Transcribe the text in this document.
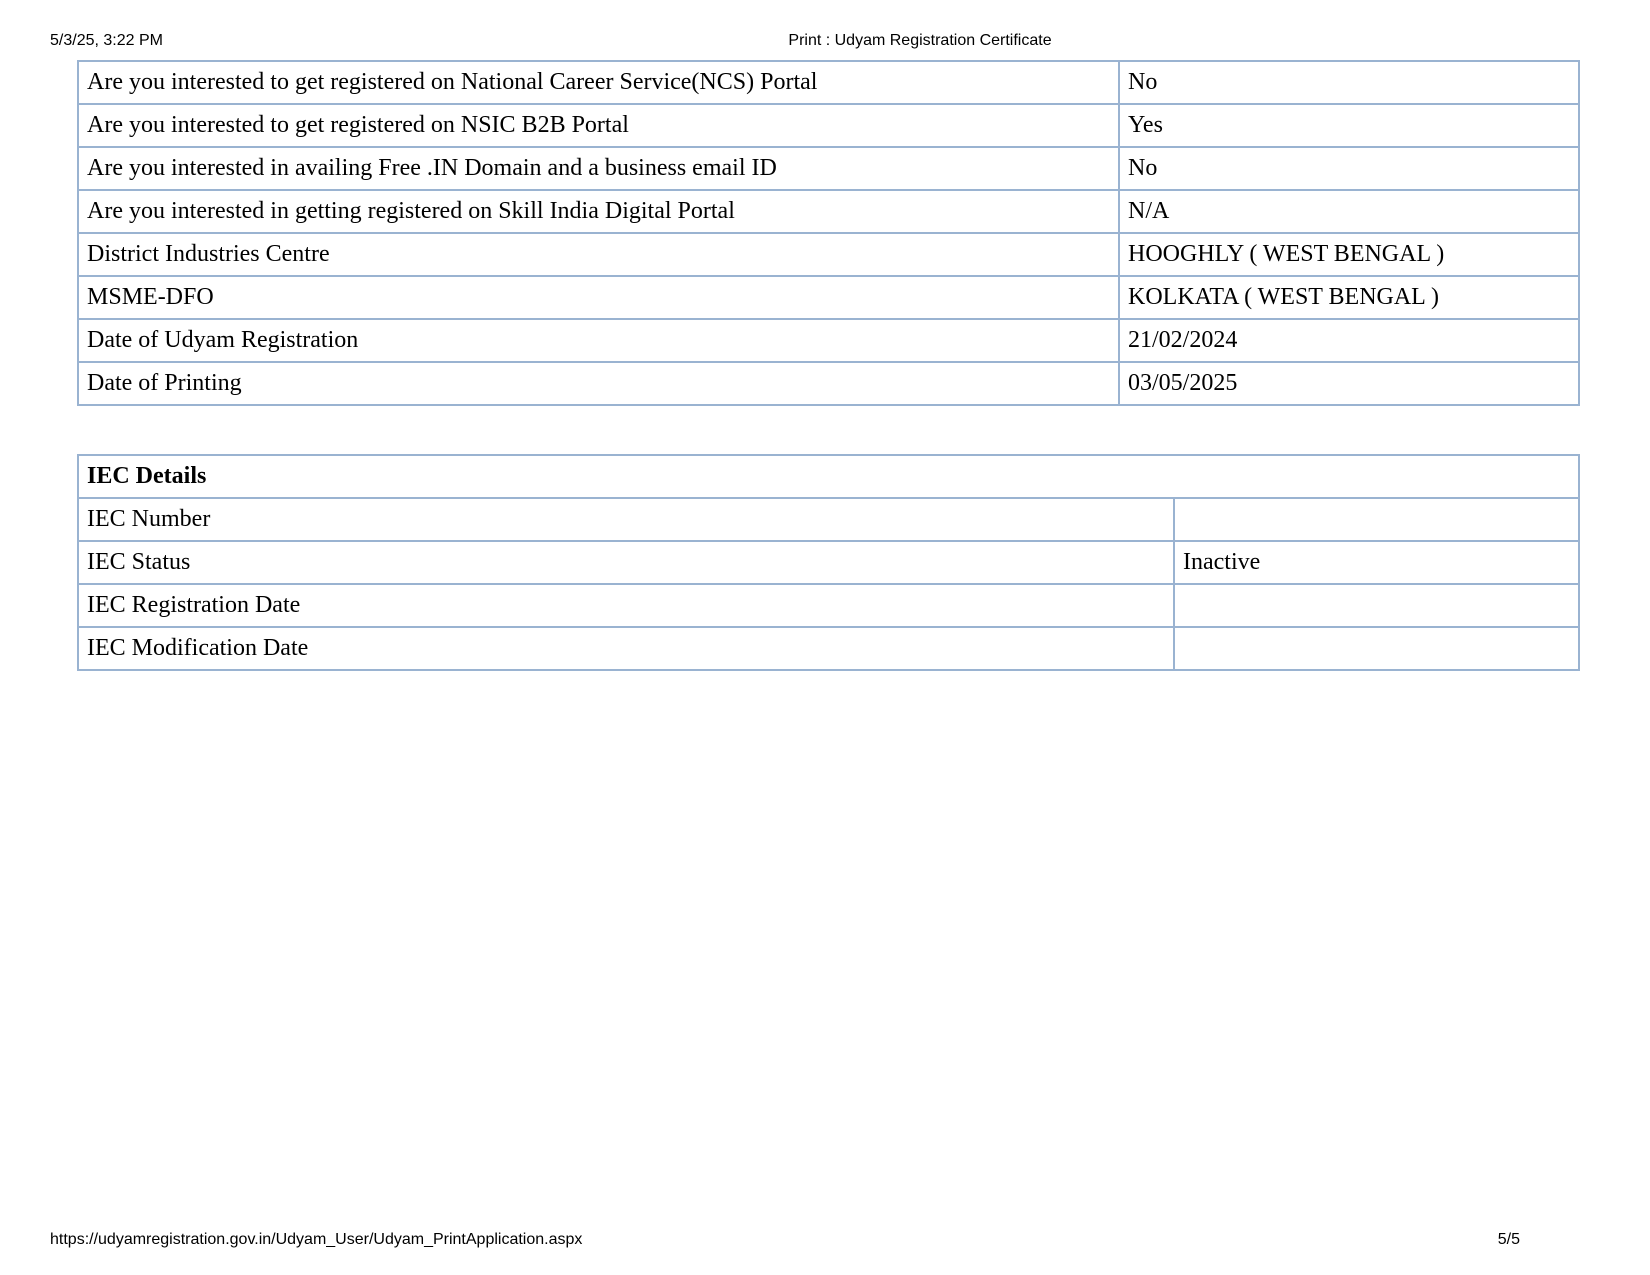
5/3/25, 3:22 PM	Print : Udyam Registration Certificate
Are you interested to get registered on National Career Service(NCS) Portal	No
Are you interested to get registered on NSIC B2B Portal	Yes
Are you interested in availing Free .IN Domain and a business email ID	No
Are you interested in getting registered on Skill India Digital Portal	N/A
District Industries Centre	HOOGHLY ( WEST BENGAL )
MSME-DFO	KOLKATA ( WEST BENGAL )
Date of Udyam Registration	21/02/2024
Date of Printing	03/05/2025
IEC Details	
IEC Number	
IEC Status	Inactive
IEC Registration Date	
IEC Modification Date	
https://udyamregistration.gov.in/Udyam_User/Udyam_PrintApplication.aspx	5/5
